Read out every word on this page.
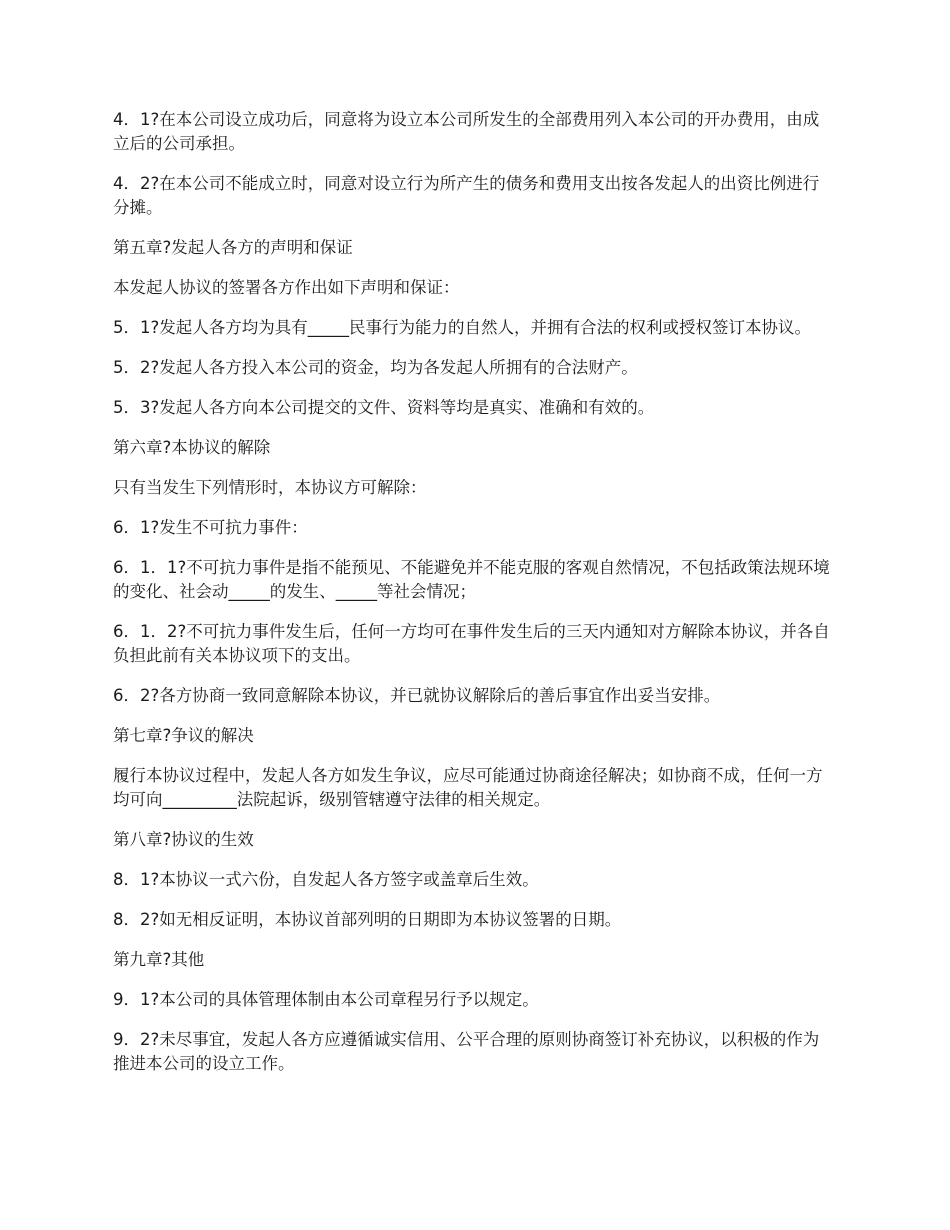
4．1?在本公司设立成功后，同意将为设立本公司所发生的全部费用列入本公司的开办费用，由成立后的公司承担。

4．2?在本公司不能成立时，同意对设立行为所产生的债务和费用支出按各发起人的出资比例进行分摊。

第五章?发起人各方的声明和保证

本发起人协议的签署各方作出如下声明和保证：

5．1?发起人各方均为具有_____民事行为能力的自然人，并拥有合法的权利或授权签订本协议。

5．2?发起人各方投入本公司的资金，均为各发起人所拥有的合法财产。

5．3?发起人各方向本公司提交的文件、资料等均是真实、准确和有效的。

第六章?本协议的解除

只有当发生下列情形时，本协议方可解除：

6．1?发生不可抗力事件：

6．1．1?不可抗力事件是指不能预见、不能避免并不能克服的客观自然情况，不包括政策法规环境的变化、社会动_____的发生、_____等社会情况；

6．1．2?不可抗力事件发生后，任何一方均可在事件发生后的三天内通知对方解除本协议，并各自负担此前有关本协议项下的支出。

6．2?各方协商一致同意解除本协议，并已就协议解除后的善后事宜作出妥当安排。

第七章?争议的解决

履行本协议过程中，发起人各方如发生争议，应尽可能通过协商途径解决；如协商不成，任何一方均可向_________法院起诉，级别管辖遵守法律的相关规定。

第八章?协议的生效

8．1?本协议一式六份，自发起人各方签字或盖章后生效。

8．2?如无相反证明，本协议首部列明的日期即为本协议签署的日期。

第九章?其他

9．1?本公司的具体管理体制由本公司章程另行予以规定。

9．2?未尽事宜，发起人各方应遵循诚实信用、公平合理的原则协商签订补充协议，以积极的作为推进本公司的设立工作。
